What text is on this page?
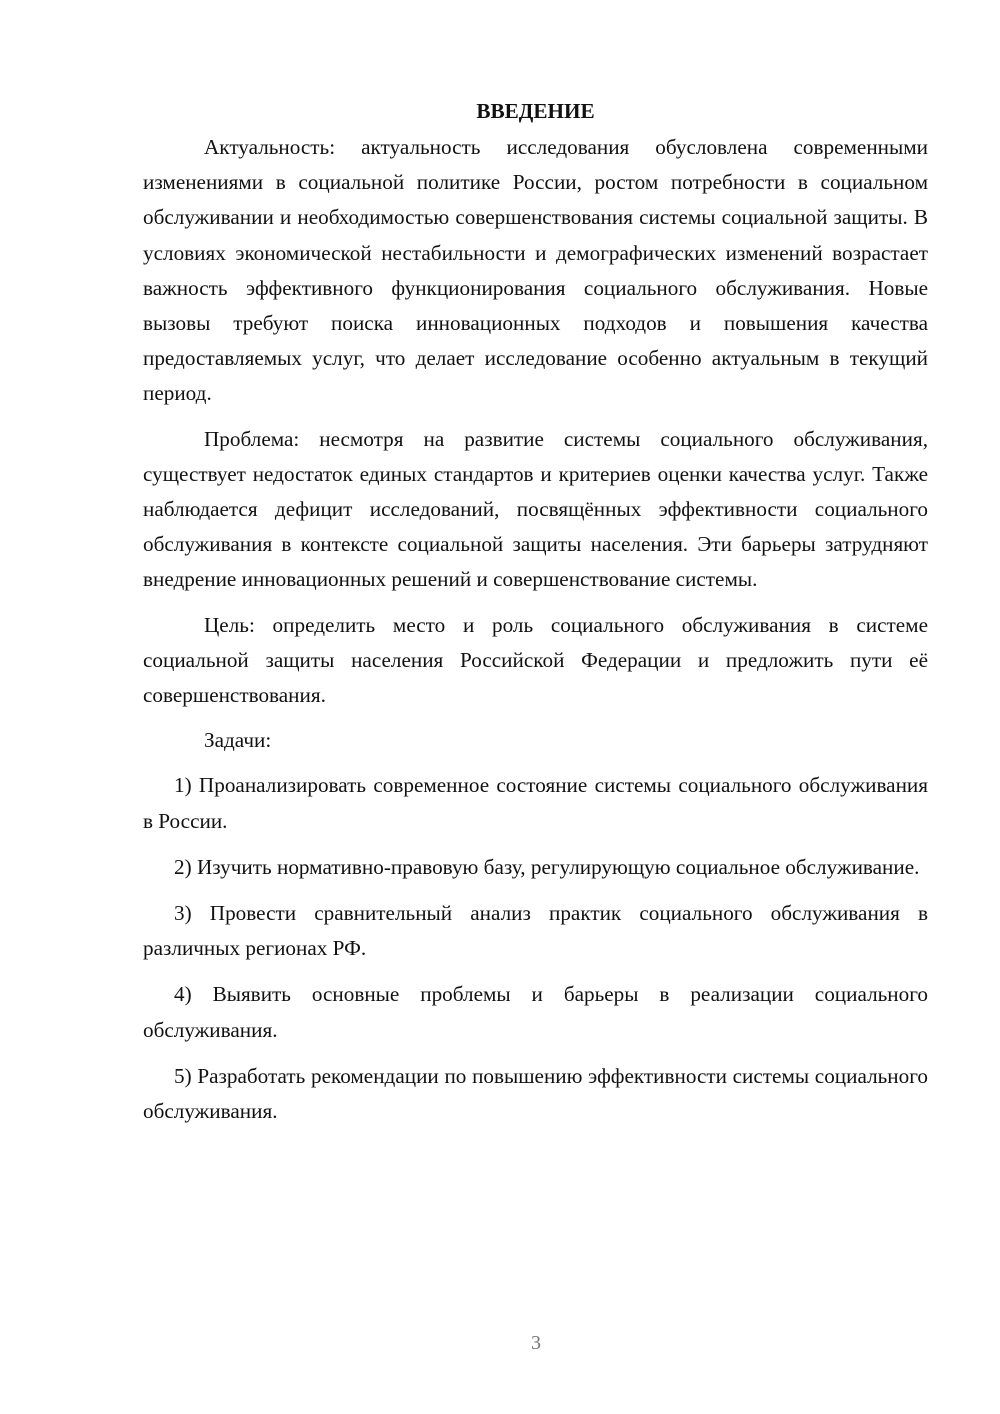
ВВЕДЕНИЕ

Актуальность: актуальность исследования обусловлена современными изменениями в социальной политике России, ростом потребности в социальном обслуживании и необходимостью совершенствования системы социальной защиты. В условиях экономической нестабильности и демографических изменений возрастает важность эффективного функционирования социального обслуживания. Новые вызовы требуют поиска инновационных подходов и повышения качества предоставляемых услуг, что делает исследование особенно актуальным в текущий период.

Проблема: несмотря на развитие системы социального обслуживания, существует недостаток единых стандартов и критериев оценки качества услуг. Также наблюдается дефицит исследований, посвящённых эффективности социального обслуживания в контексте социальной защиты населения. Эти барьеры затрудняют внедрение инновационных решений и совершенствование системы.

Цель: определить место и роль социального обслуживания в системе социальной защиты населения Российской Федерации и предложить пути её совершенствования.

Задачи:

1) Проанализировать современное состояние системы социального обслуживания в России.

2) Изучить нормативно-правовую базу, регулирующую социальное обслуживание.

3) Провести сравнительный анализ практик социального обслуживания в различных регионах РФ.

4) Выявить основные проблемы и барьеры в реализации социального обслуживания.

5) Разработать рекомендации по повышению эффективности системы социального обслуживания.

3
